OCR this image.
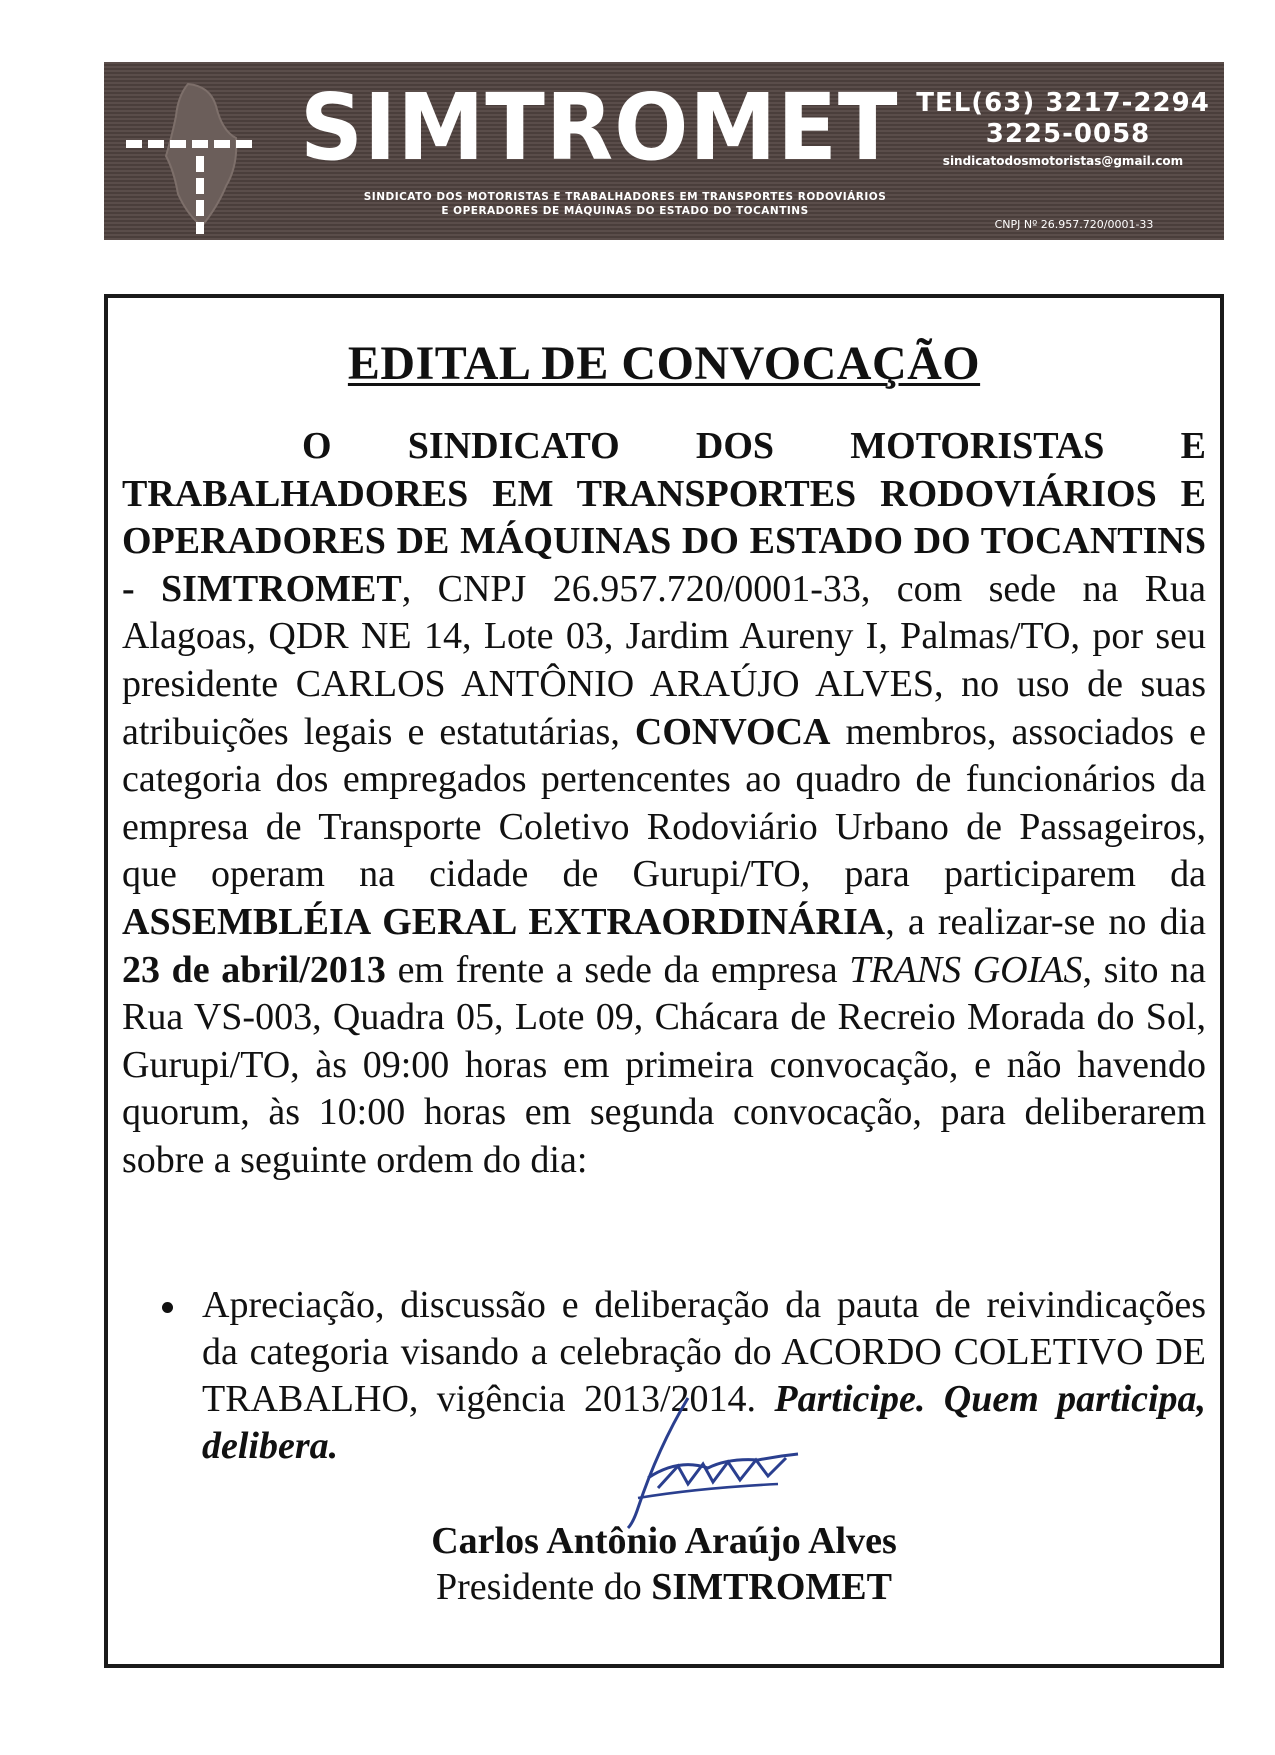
SIMTROMET
SINDICATO DOS MOTORISTAS E TRABALHADORES EM TRANSPORTES RODOVIÁRIOS
E OPERADORES DE MÁQUINAS DO ESTADO DO TOCANTINS
TEL(63) 3217-2294
3225-0058
sindicatodosmotoristas@gmail.com
CNPJ Nº 26.957.720/0001-33
EDITAL DE CONVOCAÇÃO

O SINDICATO DOS MOTORISTAS E TRABALHADORES EM TRANSPORTES RODOVIÁRIOS E OPERADORES DE MÁQUINAS DO ESTADO DO TOCANTINS - SIMTROMET, CNPJ 26.957.720/0001-33, com sede na Rua Alagoas, QDR NE 14, Lote 03, Jardim Aureny I, Palmas/TO, por seu presidente CARLOS ANTÔNIO ARAÚJO ALVES, no uso de suas atribuições legais e estatutárias, CONVOCA membros, associados e categoria dos empregados pertencentes ao quadro de funcionários da empresa de Transporte Coletivo Rodoviário Urbano de Passageiros, que operam na cidade de Gurupi/TO, para participarem da ASSEMBLÉIA GERAL EXTRAORDINÁRIA, a realizar-se no dia 23 de abril/2013 em frente a sede da empresa TRANS GOIAS, sito na Rua VS-003, Quadra 05, Lote 09, Chácara de Recreio Morada do Sol, Gurupi/TO, às 09:00 horas em primeira convocação, e não havendo quorum, às 10:00 horas em segunda convocação, para deliberarem sobre a seguinte ordem do dia:

Apreciação, discussão e deliberação da pauta de reivindicações da categoria visando a celebração do ACORDO COLETIVO DE TRABALHO, vigência 2013/2014. Participe. Quem participa, delibera.
Carlos Antônio Araújo Alves
Presidente do SIMTROMET
